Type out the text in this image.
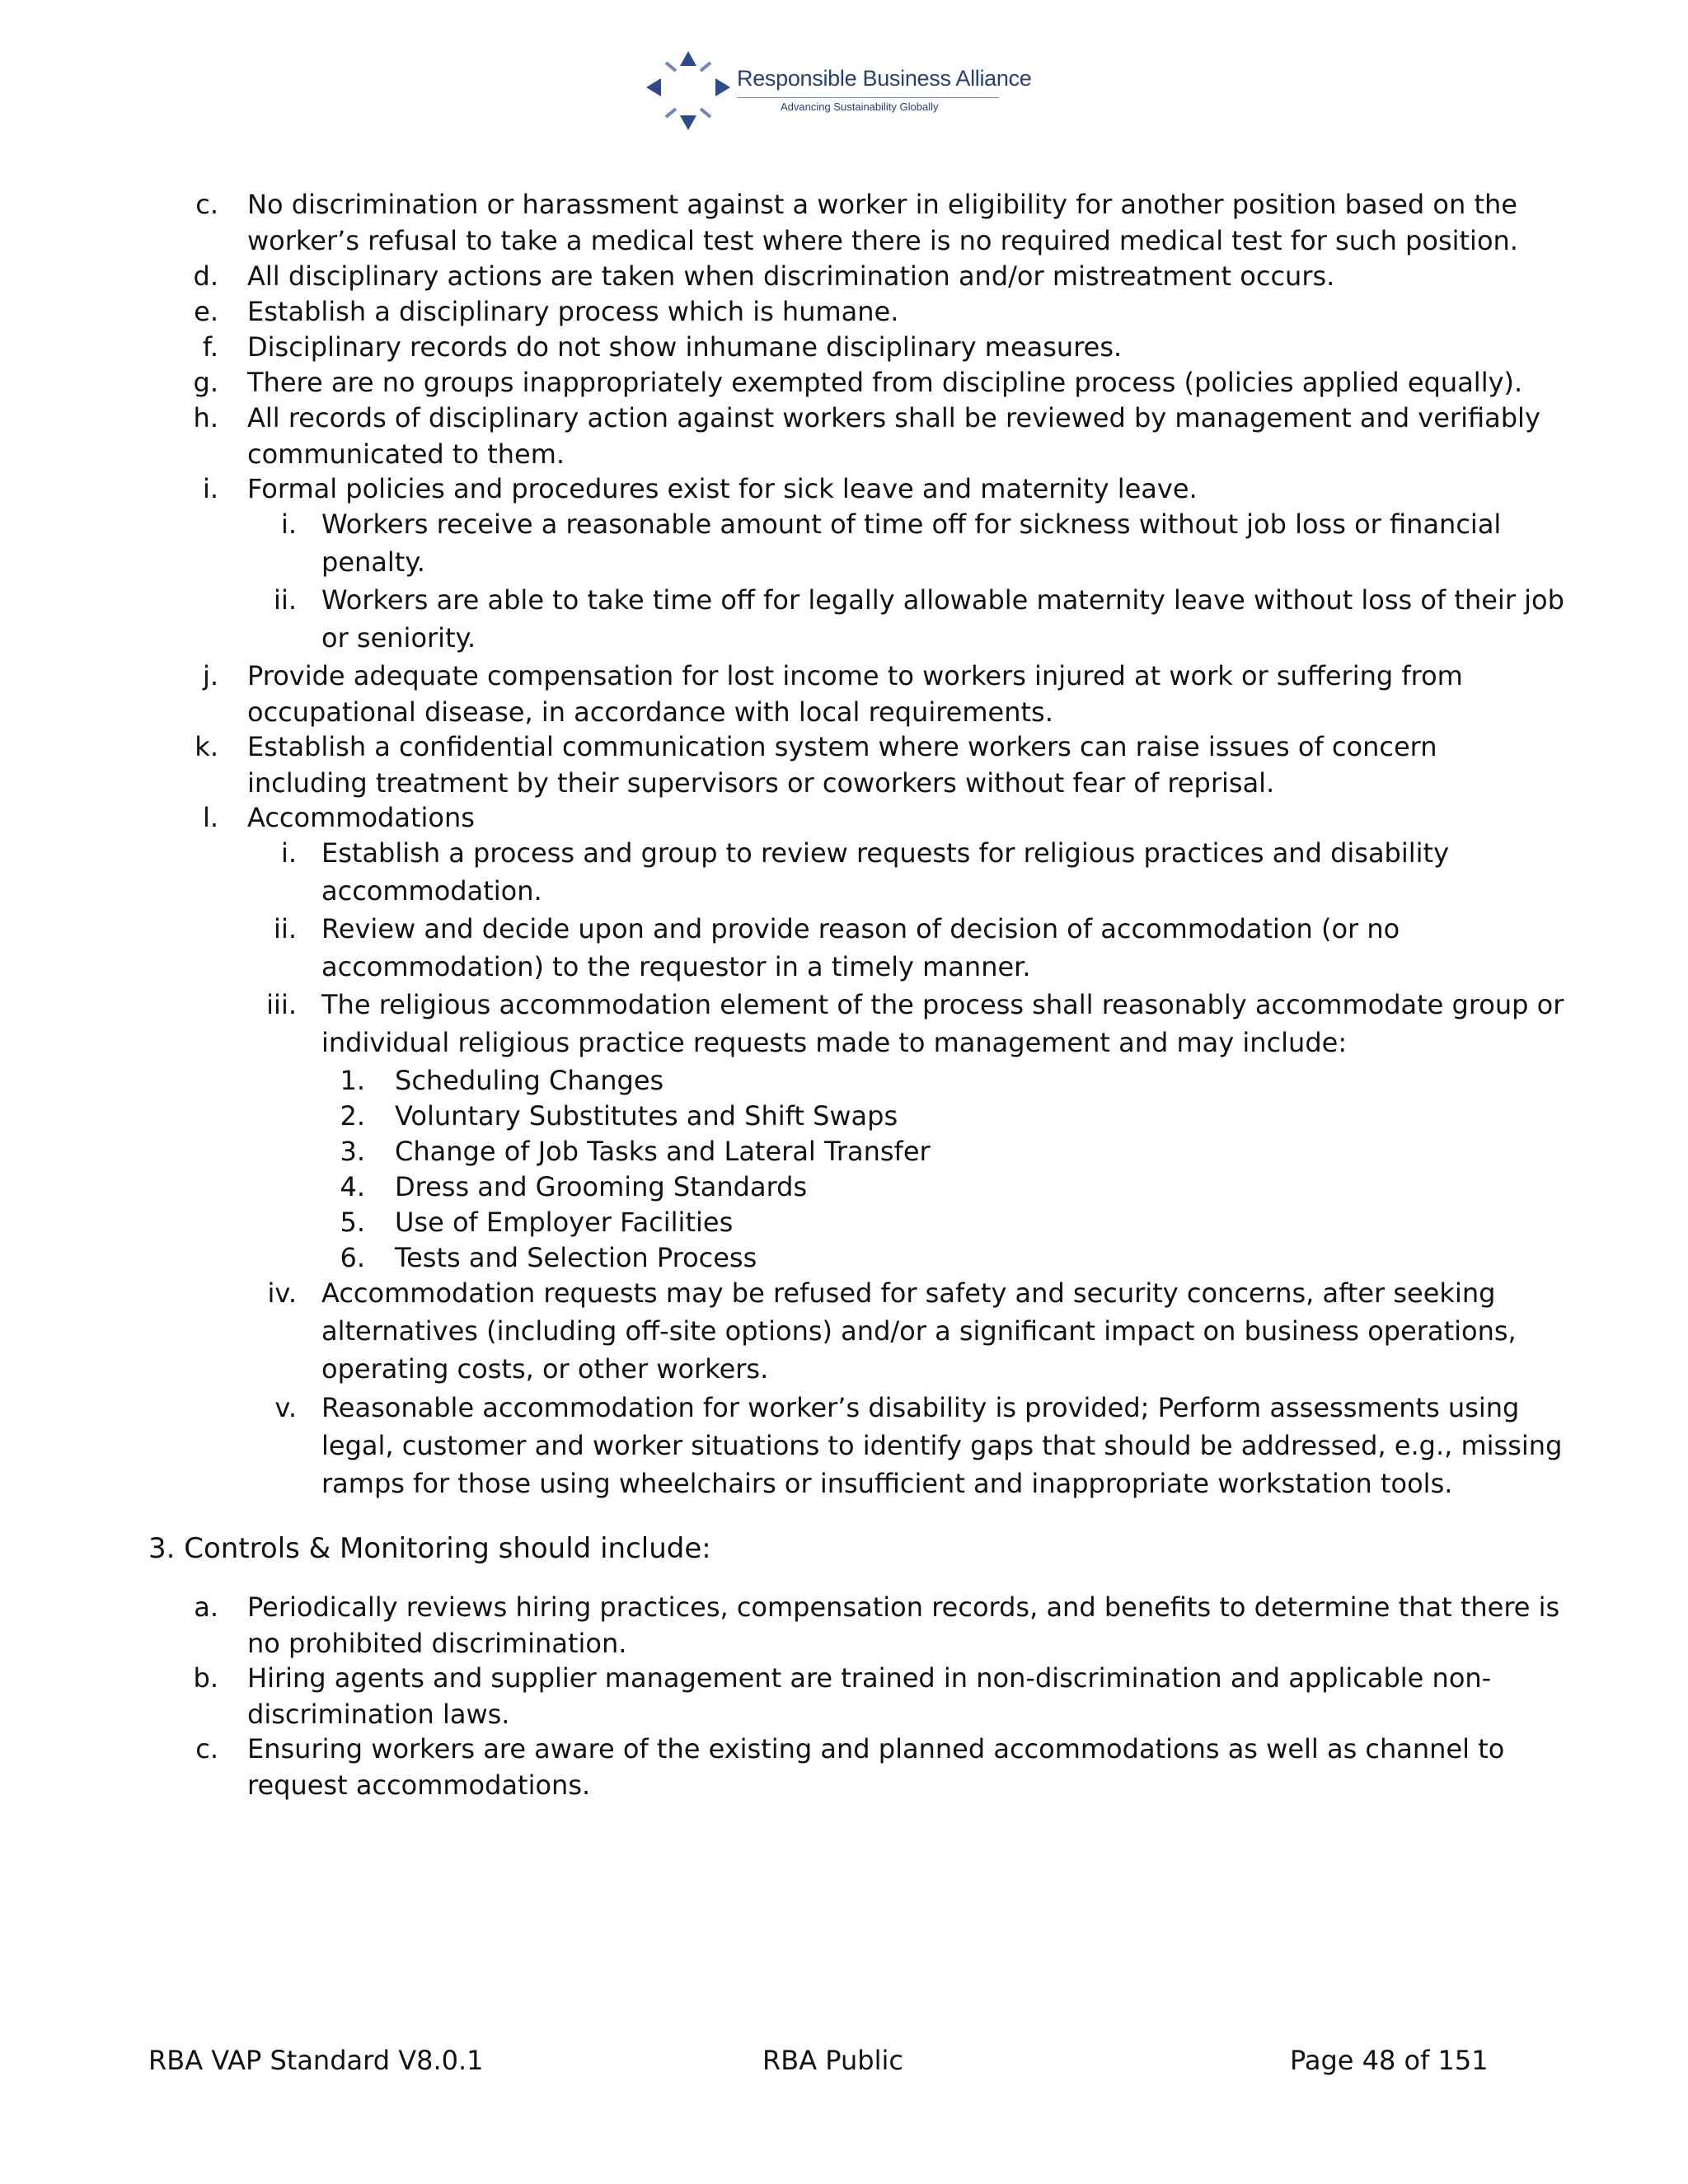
Responsible Business Alliance
Advancing Sustainability Globally
c. No discrimination or harassment against a worker in eligibility for another position based on the
worker’s refusal to take a medical test where there is no required medical test for such position.
d. All disciplinary actions are taken when discrimination and/or mistreatment occurs.
e. Establish a disciplinary process which is humane.
f. Disciplinary records do not show inhumane disciplinary measures.
g. There are no groups inappropriately exempted from discipline process (policies applied equally).
h. All records of disciplinary action against workers shall be reviewed by management and verifiably
communicated to them.
i. Formal policies and procedures exist for sick leave and maternity leave.
i. Workers receive a reasonable amount of time off for sickness without job loss or financial
penalty.
ii. Workers are able to take time off for legally allowable maternity leave without loss of their job
or seniority.
j. Provide adequate compensation for lost income to workers injured at work or suffering from
occupational disease, in accordance with local requirements.
k. Establish a confidential communication system where workers can raise issues of concern
including treatment by their supervisors or coworkers without fear of reprisal.
l. Accommodations
i. Establish a process and group to review requests for religious practices and disability
accommodation.
ii. Review and decide upon and provide reason of decision of accommodation (or no
accommodation) to the requestor in a timely manner.
iii. The religious accommodation element of the process shall reasonably accommodate group or
individual religious practice requests made to management and may include:
1. Scheduling Changes
2. Voluntary Substitutes and Shift Swaps
3. Change of Job Tasks and Lateral Transfer
4. Dress and Grooming Standards
5. Use of Employer Facilities
6. Tests and Selection Process
iv. Accommodation requests may be refused for safety and security concerns, after seeking
alternatives (including off-site options) and/or a significant impact on business operations,
operating costs, or other workers.
v. Reasonable accommodation for worker’s disability is provided; Perform assessments using
legal, customer and worker situations to identify gaps that should be addressed, e.g., missing
ramps for those using wheelchairs or insufficient and inappropriate workstation tools.
a. Periodically reviews hiring practices, compensation records, and benefits to determine that there is
no prohibited discrimination.
b. Hiring agents and supplier management are trained in non-discrimination and applicable non-
discrimination laws.
c. Ensuring workers are aware of the existing and planned accommodations as well as channel to
request accommodations.
3. Controls & Monitoring should include:
RBA VAP Standard V8.0.1	RBA Public	Page 48 of 151
